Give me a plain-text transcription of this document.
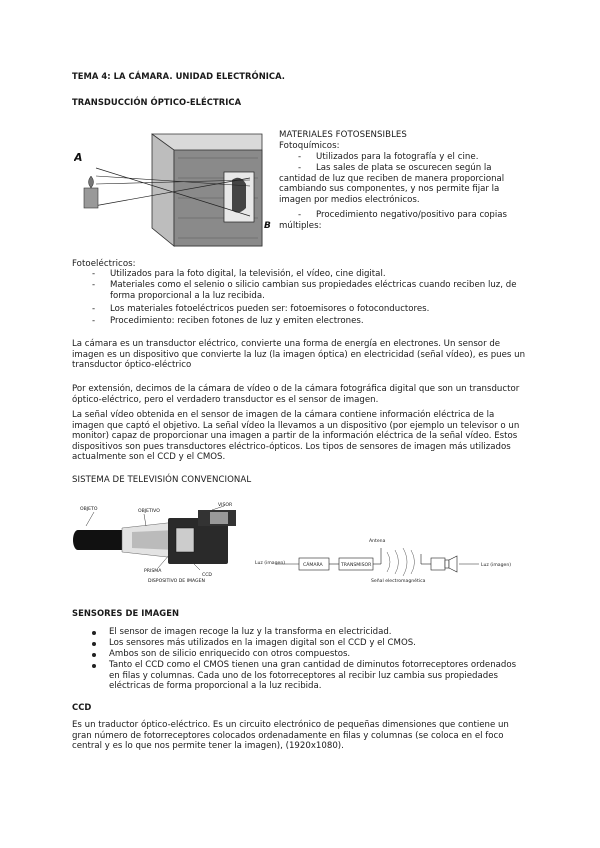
TEMA 4: LA CÁMARA. UNIDAD ELECTRÓNICA.
TRANSDUCCIÓN ÓPTICO-ELÉCTRICA
A
B
MATERIALES FOTOSENSIBLES
Fotoquímicos:
- Utilizados para la fotografía y el cine.
-	Las sales de plata se oscurecen según la cantidad de luz que reciben de manera proporcional cambiando sus componentes, y nos permite fijar la imagen por medios electrónicos.
-	Procedimiento negativo/positivo para copias múltiples:
Fotoeléctricos:
- Utilizados para la foto digital, la televisión, el vídeo, cine digital.
- Materiales como el selenio o silicio cambian sus propiedades eléctricas cuando reciben luz, de forma proporcional a la luz recibida.
- Los materiales fotoeléctricos pueden ser: fotoemisores o fotoconductores.
- Procedimiento: reciben fotones de luz y emiten electrones.
La cámara es un transductor eléctrico, convierte una forma de energía en electrones. Un sensor de imagen es un dispositivo que convierte la luz (la imagen óptica) en electricidad (señal vídeo), es pues un transductor óptico-eléctrico
Por extensión, decimos de la cámara de vídeo o de la cámara fotográfica digital que son un transductor óptico-eléctrico, pero el verdadero transductor es el sensor de imagen.
La señal vídeo obtenida en el sensor de imagen de la cámara contiene información eléctrica de la imagen que captó el objetivo. La señal vídeo la llevamos a un dispositivo (por ejemplo un televisor o un monitor) capaz de proporcionar una imagen a partir de la información eléctrica de la señal vídeo. Estos dispositivos son pues transductores eléctrico-ópticos. Los tipos de sensores de imagen más utilizados actualmente son el CCD y el CMOS.
SISTEMA DE TELEVISIÓN CONVENCIONAL
OBJETO	OBJETIVO
VISOR
PRISMA
CCD
DISPOSITIVO DE IMAGEN
Luz (imagen)	CÁMARA	TRANSMISOR
Antena
Señal electromagnética
Luz (imagen)
SENSORES DE IMAGEN
El sensor de imagen recoge la luz y la transforma en electricidad.
Los sensores más utilizados en la imagen digital son el CCD y el CMOS.
Ambos son de silicio enriquecido con otros compuestos.
Tanto el CCD como el CMOS tienen una gran cantidad de diminutos fotorreceptores ordenados en filas y columnas. Cada uno de los fotorreceptores al recibir luz cambia sus propiedades eléctricas de forma proporcional a la luz recibida.
CCD
Es un traductor óptico-eléctrico. Es un circuito electrónico de pequeñas dimensiones que contiene un gran número de fotorreceptores colocados ordenadamente en filas y columnas (se coloca en el foco central y es lo que nos permite tener la imagen), (1920x1080).
